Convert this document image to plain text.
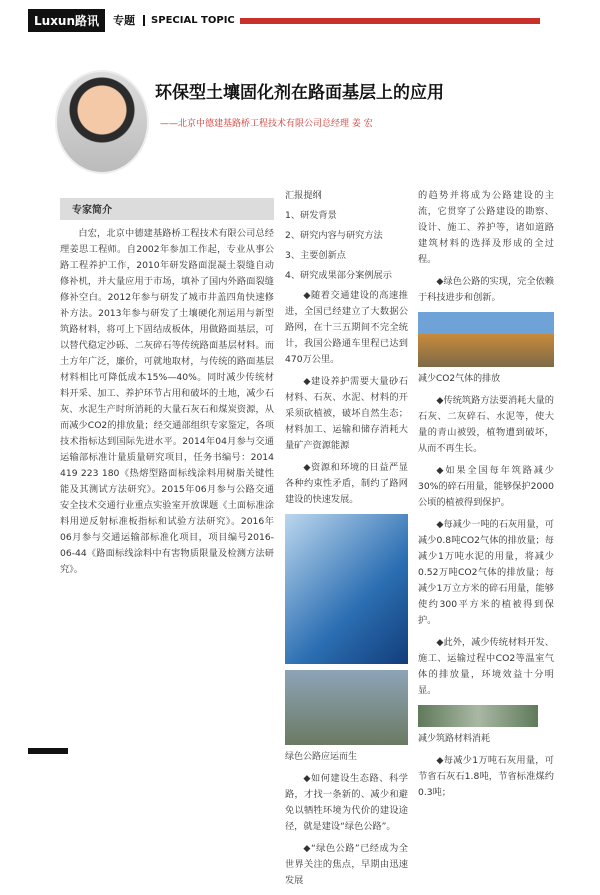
Luxun路讯	专题	SPECIAL TOPIC
环保型土壤固化剂在路面基层上的应用
——北京中德建基路桥工程技术有限公司总经理 姜 宏
专家简介

白宏，北京中德建基路桥工程技术有限公司总经理姜思工程师。自2002年参加工作起，专业从事公路工程养护工作，2010年研发路面混凝土裂缝自动修补机，并大量应用于市场，填补了国内外路面裂缝修补空白。2012年参与研发了城市井盖四角快速修补方法。2013年参与研发了土壤硬化剂运用与新型筑路材料，将可上下固结成板体，用做路面基层，可以替代稳定沙砾、二灰碎石等传统路面基层材料。而土方年广泛，廉价，可就地取材，与传统的路面基层材料相比可降低成本15%—40%。同时减少传统材料开采、加工、养护环节占用和破坏的土地，减少石灰、水泥生产时所消耗的大量石灰石和煤炭资源，从而减少CO2的排放量；经交通部组织专家鉴定，各项技术指标达到国际先进水平。2014年04月参与交通运输部标准计量质量研究项目，任务书编号：2014 419 223 180《热熔型路面标线涂料用树脂关键性能及其测试方法研究》。2015年06月参与公路交通安全技术交通行业重点实验室开放课题《土面标准涂料用逆反射标准板指标和试验方法研究》。2016年06月参与交通运输部标准化项目，项目编号2016-06-44《路面标线涂料中有害物质限量及检测方法研究》。

汇报提纲
1、研发背景
2、研究内容与研究方法
3、主要创新点
4、研究成果部分案例展示

◆随着交通建设的高速推进，全国已经建立了大数据公路网，在十三五期间不完全统计，我国公路通车里程已达到470万公里。

◆建设养护需要大量砂石材料、石灰、水泥、材料的开采须砍植被，破坏自然生态；材料加工、运输和储存消耗大量矿产资源能源

◆资源和环境的日益严显各种约束性矛盾，制约了路网建设的快速发展。

绿色公路应运而生

◆如何建设生态路、科学路，才找一条新的、减少和避免以牺牲环境为代价的建设途径，就是建设“绿色公路”。

◆“绿色公路”已经成为全世界关注的焦点，早期由迅速发展

的趋势并将成为公路建设的主流，它贯穿了公路建设的勘察、设计、施工、养护等，诸如道路建筑材料的选择及形成的全过程。

◆绿色公路的实现，完全依赖于科技进步和创新。

减少CO2气体的排放

◆传统筑路方法要消耗大量的石灰、二灰碎石、水泥等，使大量的青山被毁，植物遭到破坏，从而不再生长。

◆如果全国每年筑路减少30%的碎石用量，能够保护2000公顷的植被得到保护。

◆每减少一吨的石灰用量，可减少0.8吨CO2气体的排放量；每减少1万吨水泥的用量，将减少0.52万吨CO2气体的排放量；每减少1万立方米的碎石用量，能够使约300平方米的植被得到保护。

◆此外，减少传统材料开发、施工、运输过程中CO2等温室气体的排放量，环境效益十分明显。

减少筑路材料消耗

◆每减少1万吨石灰用量，可节省石灰石1.8吨，节省标准煤约0.3吨；
